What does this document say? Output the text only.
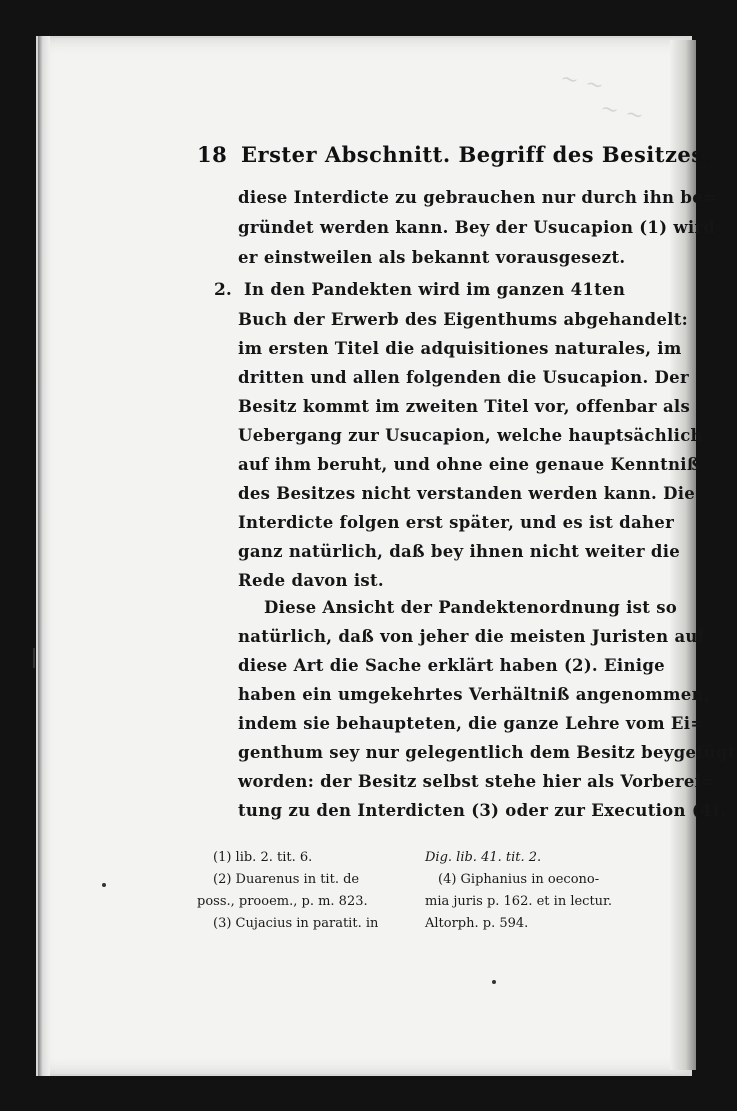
~ ~
~ ~
18 Erster Abschnitt. Begriff des Besitzes.
diese Interdicte zu gebrauchen nur durch ihn be=
gründet werden kann. Bey der Usucapion (1) wird
er einstweilen als bekannt vorausgesezt.
2. In den Pandekten wird im ganzen 41ten
Buch der Erwerb des Eigenthums abgehandelt:
im ersten Titel die adquisitiones naturales, im
dritten und allen folgenden die Usucapion. Der
Besitz kommt im zweiten Titel vor, offenbar als
Uebergang zur Usucapion, welche hauptsächlich
auf ihm beruht, und ohne eine genaue Kenntniß
des Besitzes nicht verstanden werden kann. Die
Interdicte folgen erst später, und es ist daher
ganz natürlich, daß bey ihnen nicht weiter die
Rede davon ist.
Diese Ansicht der Pandektenordnung ist so
natürlich, daß von jeher die meisten Juristen auf
diese Art die Sache erklärt haben (2). Einige
haben ein umgekehrtes Verhältniß angenommen,
indem sie behaupteten, die ganze Lehre vom Ei=
genthum sey nur gelegentlich dem Besitz beygefügt
worden: der Besitz selbst stehe hier als Vorberei=
tung zu den Interdicten (3) oder zur Execution (4).
(1) lib. 2. tit. 6.	Dig. lib. 41. tit. 2.
(2) Duarenus in tit. de	(4) Giphanius in oecono-
poss., prooem., p. m. 823.	mia juris p. 162. et in lectur.
(3) Cujacius in paratit. in	Altorph. p. 594.
